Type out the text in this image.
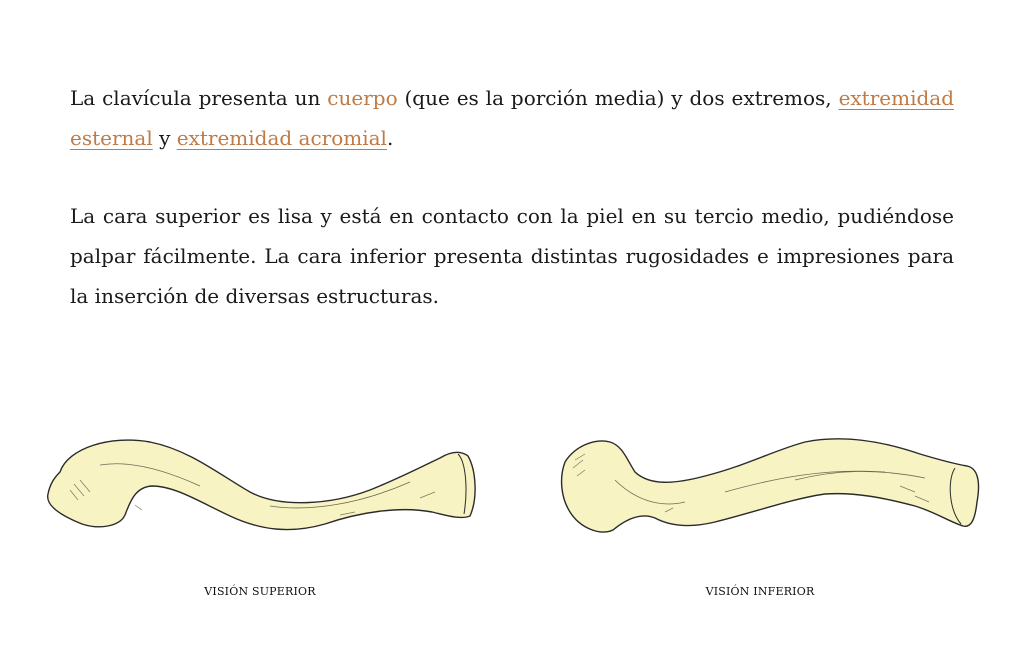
La clavícula presenta un cuerpo (que es la porción media) y dos extremos, extremidad esternal y extremidad acromial.

La cara superior es lisa y está en contacto con la piel en su tercio medio, pudiéndose palpar fácilmente. La cara inferior presenta distintas rugosidades e impresiones para la inserción de diversas estructuras.

VISIÓN SUPERIOR	VISIÓN INFERIOR
